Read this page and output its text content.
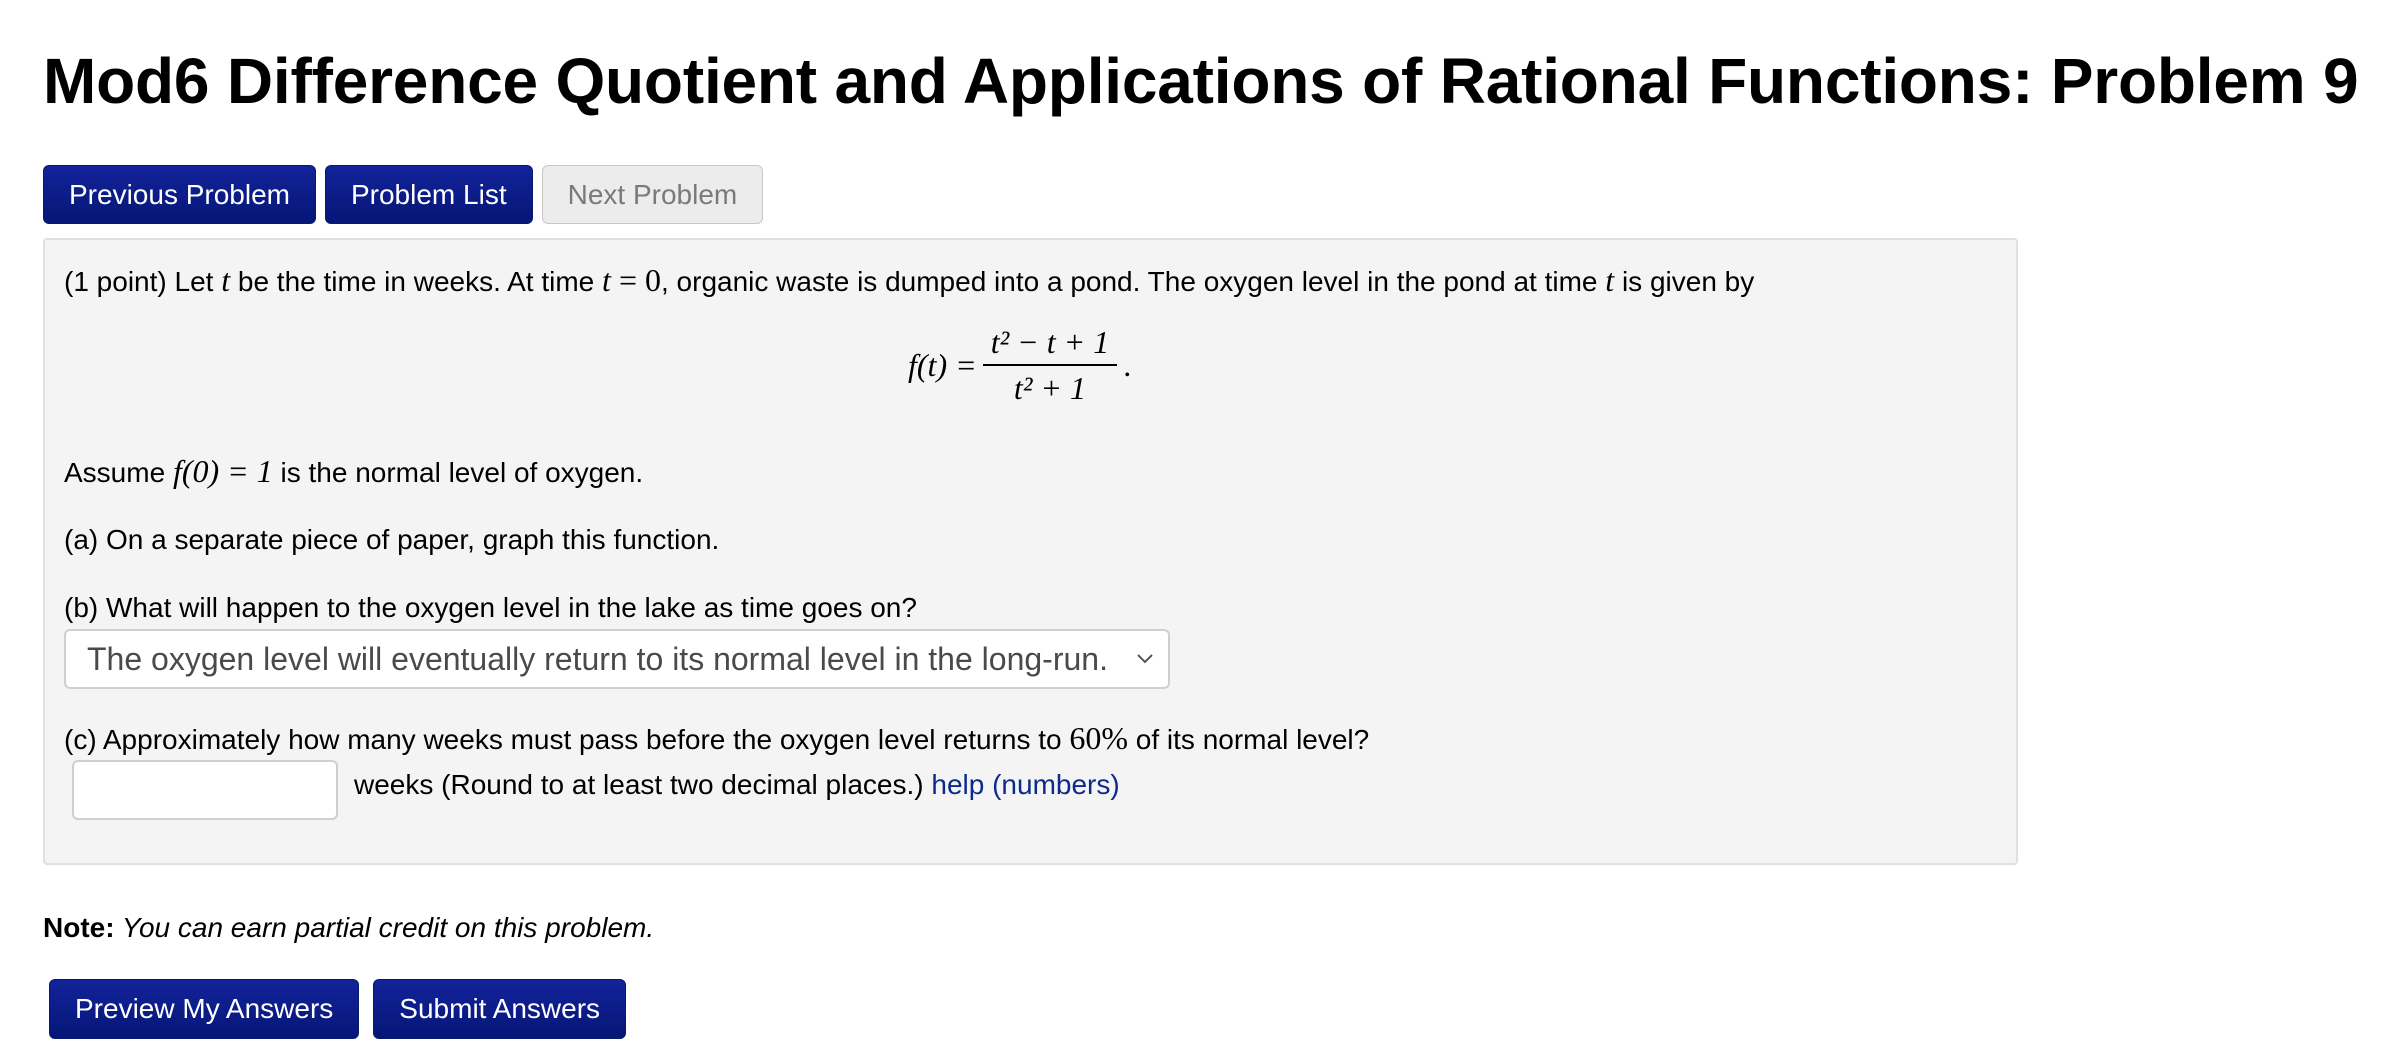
Mod6 Difference Quotient and Applications of Rational Functions: Problem 9
Previous Problem	Problem List	Next Problem
(1 point) Let t be the time in weeks. At time t = 0, organic waste is dumped into a pond. The oxygen level in the pond at time t is given by
$f(t) = \frac{\text{t² − t + 1}}{\text{t² + 1}}$ .
Assume f(0) = 1 is the normal level of oxygen.
(a) On a separate piece of paper, graph this function.
(b) What will happen to the oxygen level in the lake as time goes on?
The oxygen level will eventually return to its normal level in the long-run.
(c) Approximately how many weeks must pass before the oxygen level returns to 60% of its normal level?
weeks (Round to at least two decimal places.) help (numbers)
Note: You can earn partial credit on this problem.
Preview My Answers	Submit Answers
